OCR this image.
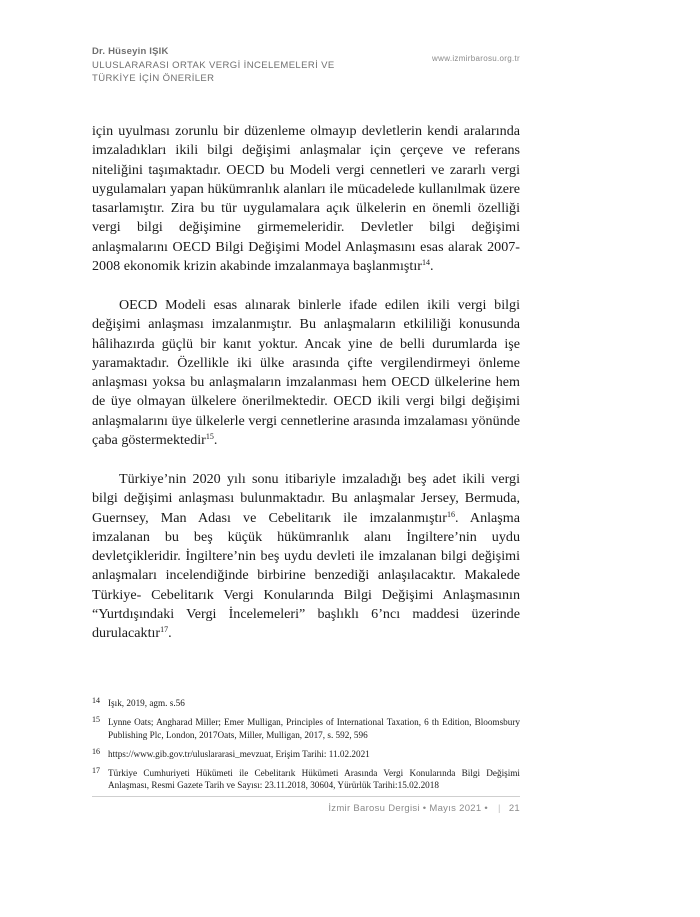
Dr. Hüseyin IŞIK
ULUSLARARASI ORTAK VERGİ İNCELEMELERİ VE
TÜRKİYE İÇİN ÖNERİLER
www.izmirbarosu.org.tr

için uyulması zorunlu bir düzenleme olmayıp devletlerin kendi aralarında imzaladıkları ikili bilgi değişimi anlaşmalar için çerçeve ve referans niteliğini taşımaktadır. OECD bu Modeli vergi cennetleri ve zararlı vergi uygulamaları yapan hükümranlık alanları ile mücadelede kullanılmak üzere tasarlamıştır. Zira bu tür uygulamalara açık ülkelerin en önemli özelliği vergi bilgi değişimine girmemeleridir. Devletler bilgi değişimi anlaşmalarını OECD Bilgi Değişimi Model Anlaşmasını esas alarak 2007-2008 ekonomik krizin akabinde imzalanmaya başlanmıştır$^{14}$.

OECD Modeli esas alınarak binlerle ifade edilen ikili vergi bilgi değişimi anlaşması imzalanmıştır. Bu anlaşmaların etkililiği konusunda hâlihazırda güçlü bir kanıt yoktur. Ancak yine de belli durumlarda işe yaramaktadır. Özellikle iki ülke arasında çifte vergilendirmeyi önleme anlaşması yoksa bu anlaşmaların imzalanması hem OECD ülkelerine hem de üye olmayan ülkelere önerilmektedir. OECD ikili vergi bilgi değişimi anlaşmalarını üye ülkelerle vergi cennetlerine arasında imzalaması yönünde çaba göstermektedir$^{15}$.

Türkiye’nin 2020 yılı sonu itibariyle imzaladığı beş adet ikili vergi bilgi değişimi anlaşması bulunmaktadır. Bu anlaşmalar Jersey, Bermuda, Guernsey, Man Adası ve Cebelitarık ile imzalanmıştır$^{16}$. Anlaşma imzalanan bu beş küçük hükümranlık alanı İngiltere’nin uydu devletçikleridir. İngiltere’nin beş uydu devleti ile imzalanan bilgi değişimi anlaşmaları incelendiğinde birbirine benzediği anlaşılacaktır. Makalede Türkiye- Cebelitarık Vergi Konularında Bilgi Değişimi Anlaşmasının “Yurtdışındaki Vergi İncelemeleri” başlıklı 6’ncı maddesi üzerinde durulacaktır$^{17}$.

14 Işık, 2019, agm. s.56
15 Lynne Oats; Angharad Miller; Emer Mulligan, Principles of International Taxation, 6 th Edition, Bloomsbury Publishing Plc, London, 2017Oats, Miller, Mulligan, 2017, s. 592, 596
16 https://www.gib.gov.tr/uluslararasi_mevzuat, Erişim Tarihi: 11.02.2021
17 Türkiye Cumhuriyeti Hükümeti ile Cebelitarık Hükümeti Arasında Vergi Konularında Bilgi Değişimi Anlaşması, Resmi Gazete Tarih ve Sayısı: 23.11.2018, 30604, Yürürlük Tarihi:15.02.2018
İzmir Barosu Dergisi • Mayıs 2021 • | 21
